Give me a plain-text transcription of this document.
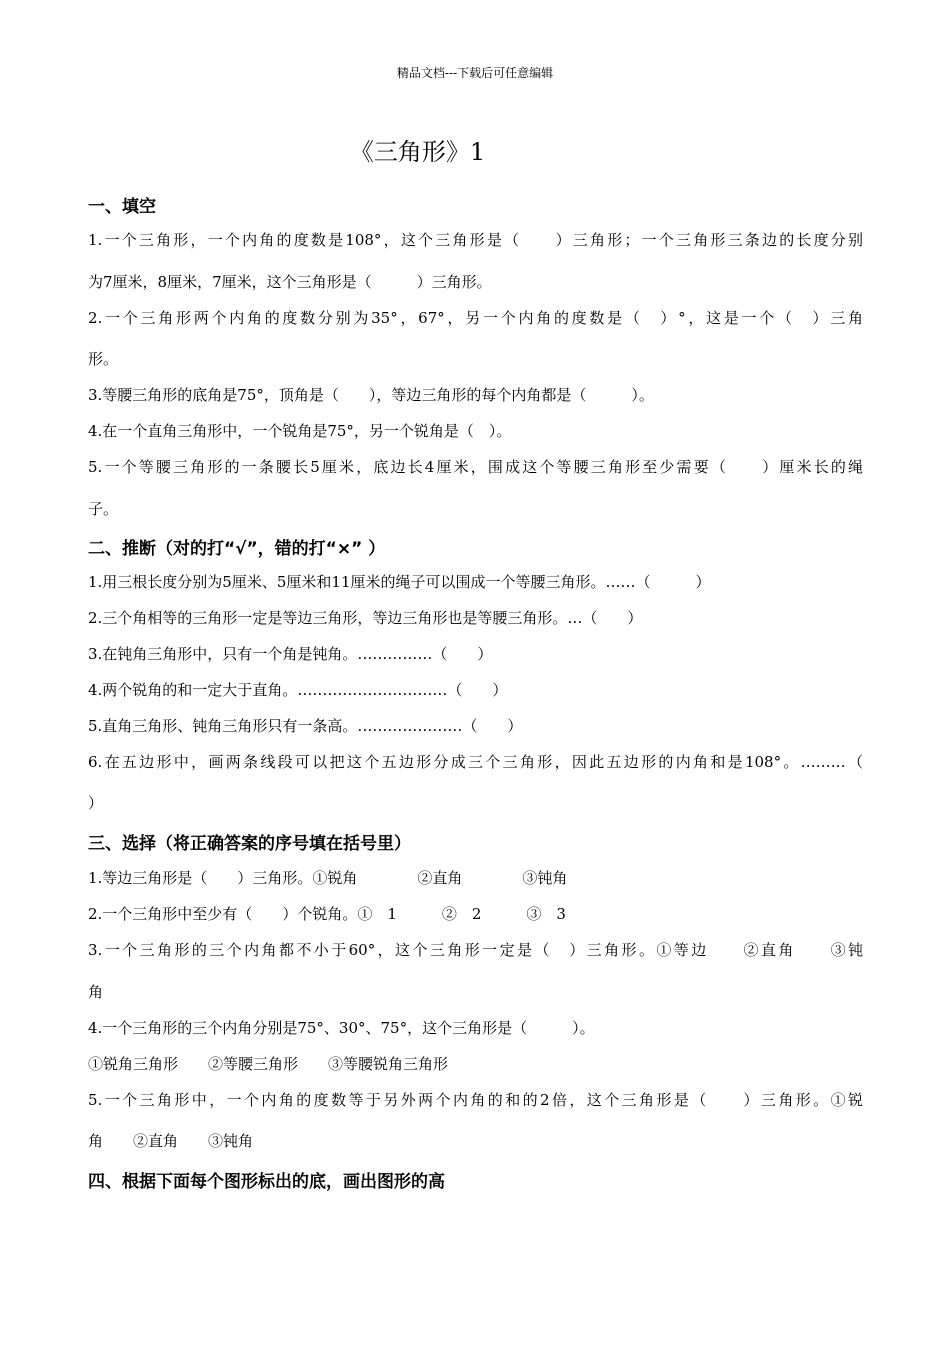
精品文档---下载后可任意编辑
《三角形》1
一、填空
1.一个三角形，一个内角的度数是108°，这个三角形是（　　）三角形；一个三角形三条边的长度分别
为7厘米，8厘米，7厘米，这个三角形是（　　　）三角形。
2.一个三角形两个内角的度数分别为35°，67°，另一个内角的度数是（　）°，这是一个（　）三角
形。
3.等腰三角形的底角是75°，顶角是（　　），等边三角形的每个内角都是（　　　）。
4.在一个直角三角形中，一个锐角是75°，另一个锐角是（　）。
5.一个等腰三角形的一条腰长5厘米，底边长4厘米，围成这个等腰三角形至少需要（　　）厘米长的绳
子。
二、推断（对的打“√”，错的打“×” ）
1.用三根长度分别为5厘米、5厘米和11厘米的绳子可以围成一个等腰三角形。……（　　　）
2.三个角相等的三角形一定是等边三角形，等边三角形也是等腰三角形。…（　　）
3.在钝角三角形中，只有一个角是钝角。……………（　　）
4.两个锐角的和一定大于直角。…………………………（　　）
5.直角三角形、钝角三角形只有一条高。…………………（　　）
6.在五边形中，画两条线段可以把这个五边形分成三个三角形，因此五边形的内角和是108°。………（
）
三、选择（将正确答案的序号填在括号里）
1.等边三角形是（　　）三角形。①锐角　　　　②直角　　　　③钝角
2.一个三角形中至少有（　　）个锐角。①　1　　　②　2　　　③　3
3.一个三角形的三个内角都不小于60°，这个三角形一定是（　）三角形。①等边　　②直角　　③钝
角
4.一个三角形的三个内角分别是75°、30°、75°，这个三角形是（　　　）。
①锐角三角形　　②等腰三角形　　③等腰锐角三角形
5.一个三角形中，一个内角的度数等于另外两个内角的和的2倍，这个三角形是（　　）三角形。①锐
角　　②直角　　③钝角
四、根据下面每个图形标出的底，画出图形的高
